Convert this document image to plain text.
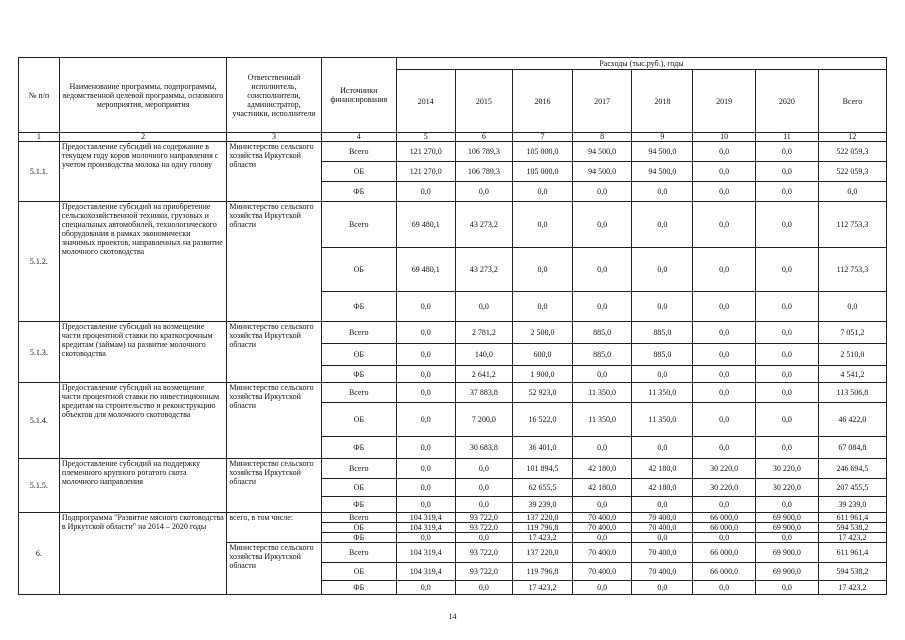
№ п/п	Наименование программы, подпрограммы, ведомственной целевой программы, основного мероприятия, мероприятия	Ответственный исполнитель, соисполнители, администратор, участники, исполнители	Источники финансирования	Расходы (тыс.руб.), годы							
				2014	2015	2016	2017	2018	2019	2020	Всего
1	2	3	4	5	6	7	8	9	10	11	12
5.1.1.	Предоставление субсидий на содержание в текущем году коров молочного направления с учетом производства молока на одну голову	Министерство сельского хозяйства Иркутской области	Всего	121 270,0	106 789,3	105 000,0	94 500,0	94 500,0	0,0	0,0	522 059,3
			ОБ	121 270,0	106 789,3	105 000,0	94 500,0	94 500,0	0,0	0,0	522 059,3
			ФБ	0,0	0,0	0,0	0,0	0,0	0,0	0,0	0,0
5.1.2.	Предоставление субсидий на приобретение сельскохозяйственной техники, грузовых и специальных автомобилей, технологического оборудования в рамках экономически значимых проектов, направленных на развитие молочного скотоводства	Министерство сельского хозяйства Иркутской области	Всего	69 480,1	43 273,2	0,0	0,0	0,0	0,0	0,0	112 753,3
			ОБ	69 480,1	43 273,2	0,0	0,0	0,0	0,0	0,0	112 753,3
			ФБ	0,0	0,0	0,0	0,0	0,0	0,0	0,0	0,0
5.1.3.	Предоставление субсидий на возмещение части процентной ставки по краткосрочным кредитам (займам) на развитие молочного скотоводства	Министерство сельского хозяйства Иркутской области	Всего	0,0	2 781,2	2 500,0	885,0	885,0	0,0	0,0	7 051,2
			ОБ	0,0	140,0	600,0	885,0	885,0	0,0	0,0	2 510,0
			ФБ	0,0	2 641,2	1 900,0	0,0	0,0	0,0	0,0	4 541,2
5.1.4.	Предоставление субсидий на возмещение части процентной ставки по инвестиционным кредитам на строительство и реконструкцию объектов для молочного скотоводства	Министерство сельского хозяйства Иркутской области	Всего	0,0	37 883,8	52 923,0	11 350,0	11 350,0	0,0	0,0	113 506,8
			ОБ	0,0	7 200,0	16 522,0	11 350,0	11 350,0	0,0	0,0	46 422,0
			ФБ	0,0	30 683,8	36 401,0	0,0	0,0	0,0	0,0	67 084,8
5.1.5.	Предоставление субсидий на поддержку племенного крупного рогатого скота молочного направления	Министерство сельского хозяйства Иркутской области	Всего	0,0	0,0	101 894,5	42 180,0	42 180,0	30 220,0	30 220,0	246 694,5
			ОБ	0,0	0,0	62 655,5	42 180,0	42 180,0	30 220,0	30 220,0	207 455,5
			ФБ	0,0	0,0	39 239,0	0,0	0,0	0,0	0,0	39 239,0
6.	Подпрограмма "Развитие мясного скотоводства в Иркутской области" на 2014 – 2020 годы	всего, в том числе:	Всего	104 319,4	93 722,0	137 220,0	70 400,0	70 400,0	66 000,0	69 900,0	611 961,4
			ОБ	104 319,4	93 722,0	119 796,8	70 400,0	70 400,0	66 000,0	69 900,0	594 538,2
			ФБ	0,0	0,0	17 423,2	0,0	0,0	0,0	0,0	17 423,2
		Министерство сельского хозяйства Иркутской области	Всего	104 319,4	93 722,0	137 220,0	70 400,0	70 400,0	66 000,0	69 900,0	611 961,4
			ОБ	104 319,4	93 722,0	119 796,8	70 400,0	70 400,0	66 000,0	69 900,0	594 538,2
			ФБ	0,0	0,0	17 423,2	0,0	0,0	0,0	0,0	17 423,2
14
